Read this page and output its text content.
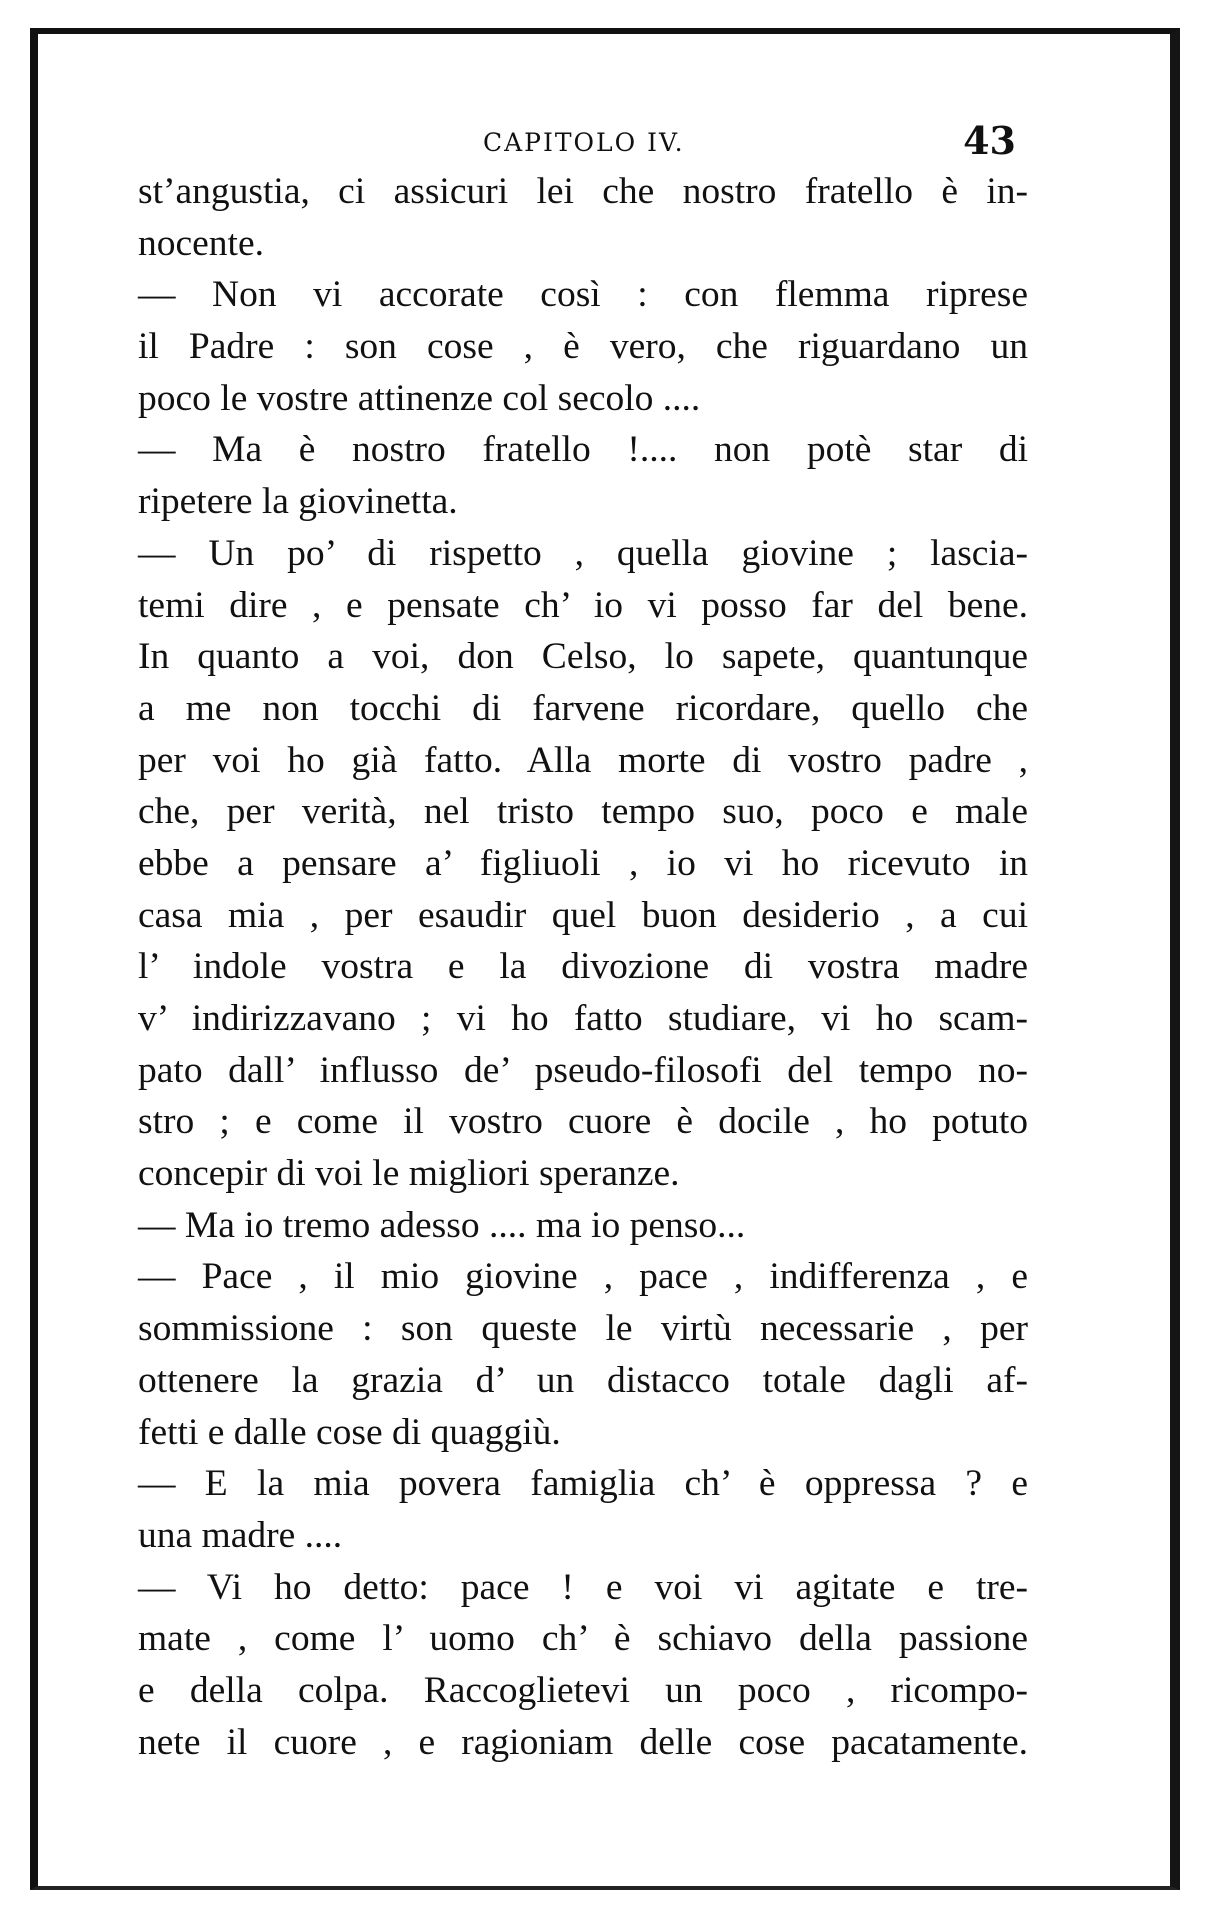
CAPITOLO IV.	43
st’angustia, ci assicuri lei che nostro fratello è in-
nocente.
— Non vi accorate così : con flemma riprese
il Padre : son cose , è vero, che riguardano un
poco le vostre attinenze col secolo ....
— Ma è nostro fratello !.... non potè star di
ripetere la giovinetta.
— Un po’ di rispetto , quella giovine ; lascia-
temi dire , e pensate ch’ io vi posso far del bene.
In quanto a voi, don Celso, lo sapete, quantunque
a me non tocchi di farvene ricordare, quello che
per voi ho già fatto. Alla morte di vostro padre ,
che, per verità, nel tristo tempo suo, poco e male
ebbe a pensare a’ figliuoli , io vi ho ricevuto in
casa mia , per esaudir quel buon desiderio , a cui
l’ indole vostra e la divozione di vostra madre
v’ indirizzavano ; vi ho fatto studiare, vi ho scam-
pato dall’ influsso de’ pseudo-filosofi del tempo no-
stro ; e come il vostro cuore è docile , ho potuto
concepir di voi le migliori speranze.
— Ma io tremo adesso .... ma io penso...
— Pace , il mio giovine , pace , indifferenza , e
sommissione : son queste le virtù necessarie , per
ottenere la grazia d’ un distacco totale dagli af-
fetti e dalle cose di quaggiù.
— E la mia povera famiglia ch’ è oppressa ? e
una madre ....
— Vi ho detto: pace ! e voi vi agitate e tre-
mate , come l’ uomo ch’ è schiavo della passione
e della colpa. Raccoglietevi un poco , ricompo-
nete il cuore , e ragioniam delle cose pacatamente.
